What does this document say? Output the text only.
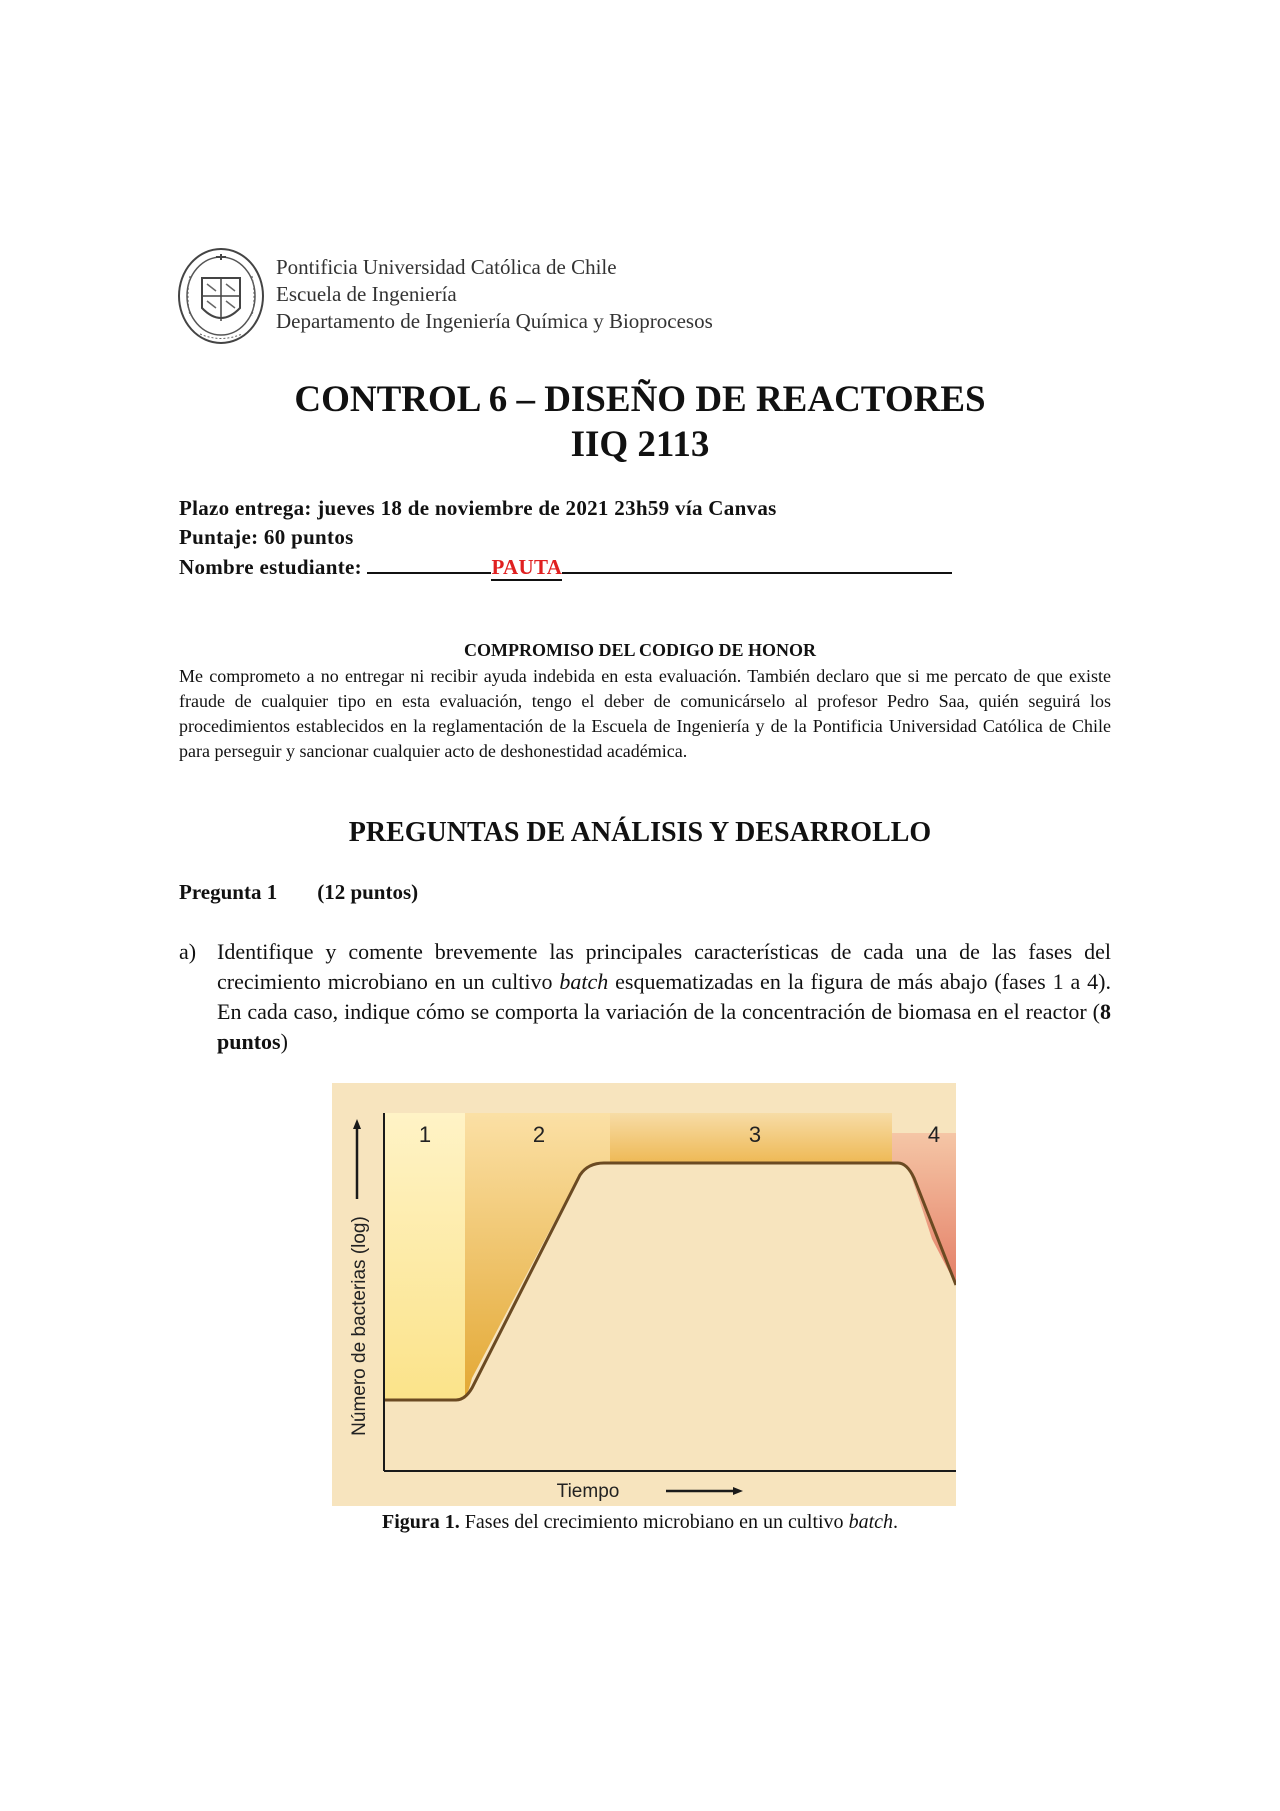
Pontificia Universidad Católica de Chile
Escuela de Ingeniería
Departamento de Ingeniería Química y Bioprocesos
CONTROL 6 – DISEÑO DE REACTORES
IIQ 2113
Plazo entrega: jueves 18 de noviembre de 2021 23h59 vía Canvas
Puntaje: 60 puntos
Nombre estudiante:	PAUTA
COMPROMISO DEL CODIGO DE HONOR
Me comprometo a no entregar ni recibir ayuda indebida en esta evaluación. También declaro que si me percato de que existe fraude de cualquier tipo en esta evaluación, tengo el deber de comunicárselo al profesor Pedro Saa, quién seguirá los procedimientos establecidos en la reglamentación de la Escuela de Ingeniería y de la Pontificia Universidad Católica de Chile para perseguir y sancionar cualquier acto de deshonestidad académica.
PREGUNTAS DE ANÁLISIS Y DESARROLLO
Pregunta 1 (12 puntos)
a) Identifique y comente brevemente las principales características de cada una de las fases del crecimiento microbiano en un cultivo batch esquematizadas en la figura de más abajo (fases 1 a 4). En cada caso, indique cómo se comporta la variación de la concentración de biomasa en el reactor (8 puntos)
1	2	3	4
Tiempo
Número de bacterias (log)
Figura 1. Fases del crecimiento microbiano en un cultivo batch.
